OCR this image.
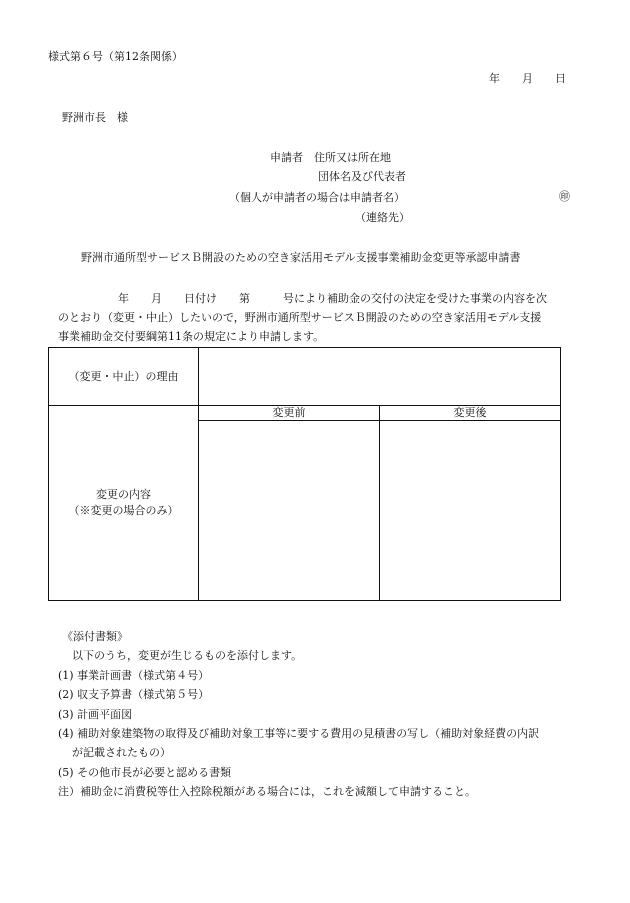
様式第６号（第12条関係）
年　　月　　日
野洲市長　様
申請者　住所又は所在地
団体名及び代表者
（個人が申請者の場合は申請者名）	㊞
（連絡先）
野洲市通所型サービスＢ開設のための空き家活用モデル支援事業補助金変更等承認申請書
年　　月　　日付け　　第　　　号により補助金の交付の決定を受けた事業の内容を次
のとおり（変更・中止）したいので，野洲市通所型サービスＢ開設のための空き家活用モデル支援
事業補助金交付要綱第11条の規定により申請します。
（変更・中止）の理由		

変更の内容
（※変更の場合のみ）	変更前	変更後

《添付書類》
以下のうち，変更が生じるものを添付します。
(1) 事業計画書（様式第４号）
(2) 収支予算書（様式第５号）
(3) 計画平面図
(4) 補助対象建築物の取得及び補助対象工事等に要する費用の見積書の写し（補助対象経費の内訳
が記載されたもの）
(5) その他市長が必要と認める書類
注）補助金に消費税等仕入控除税額がある場合には，これを減額して申請すること。
